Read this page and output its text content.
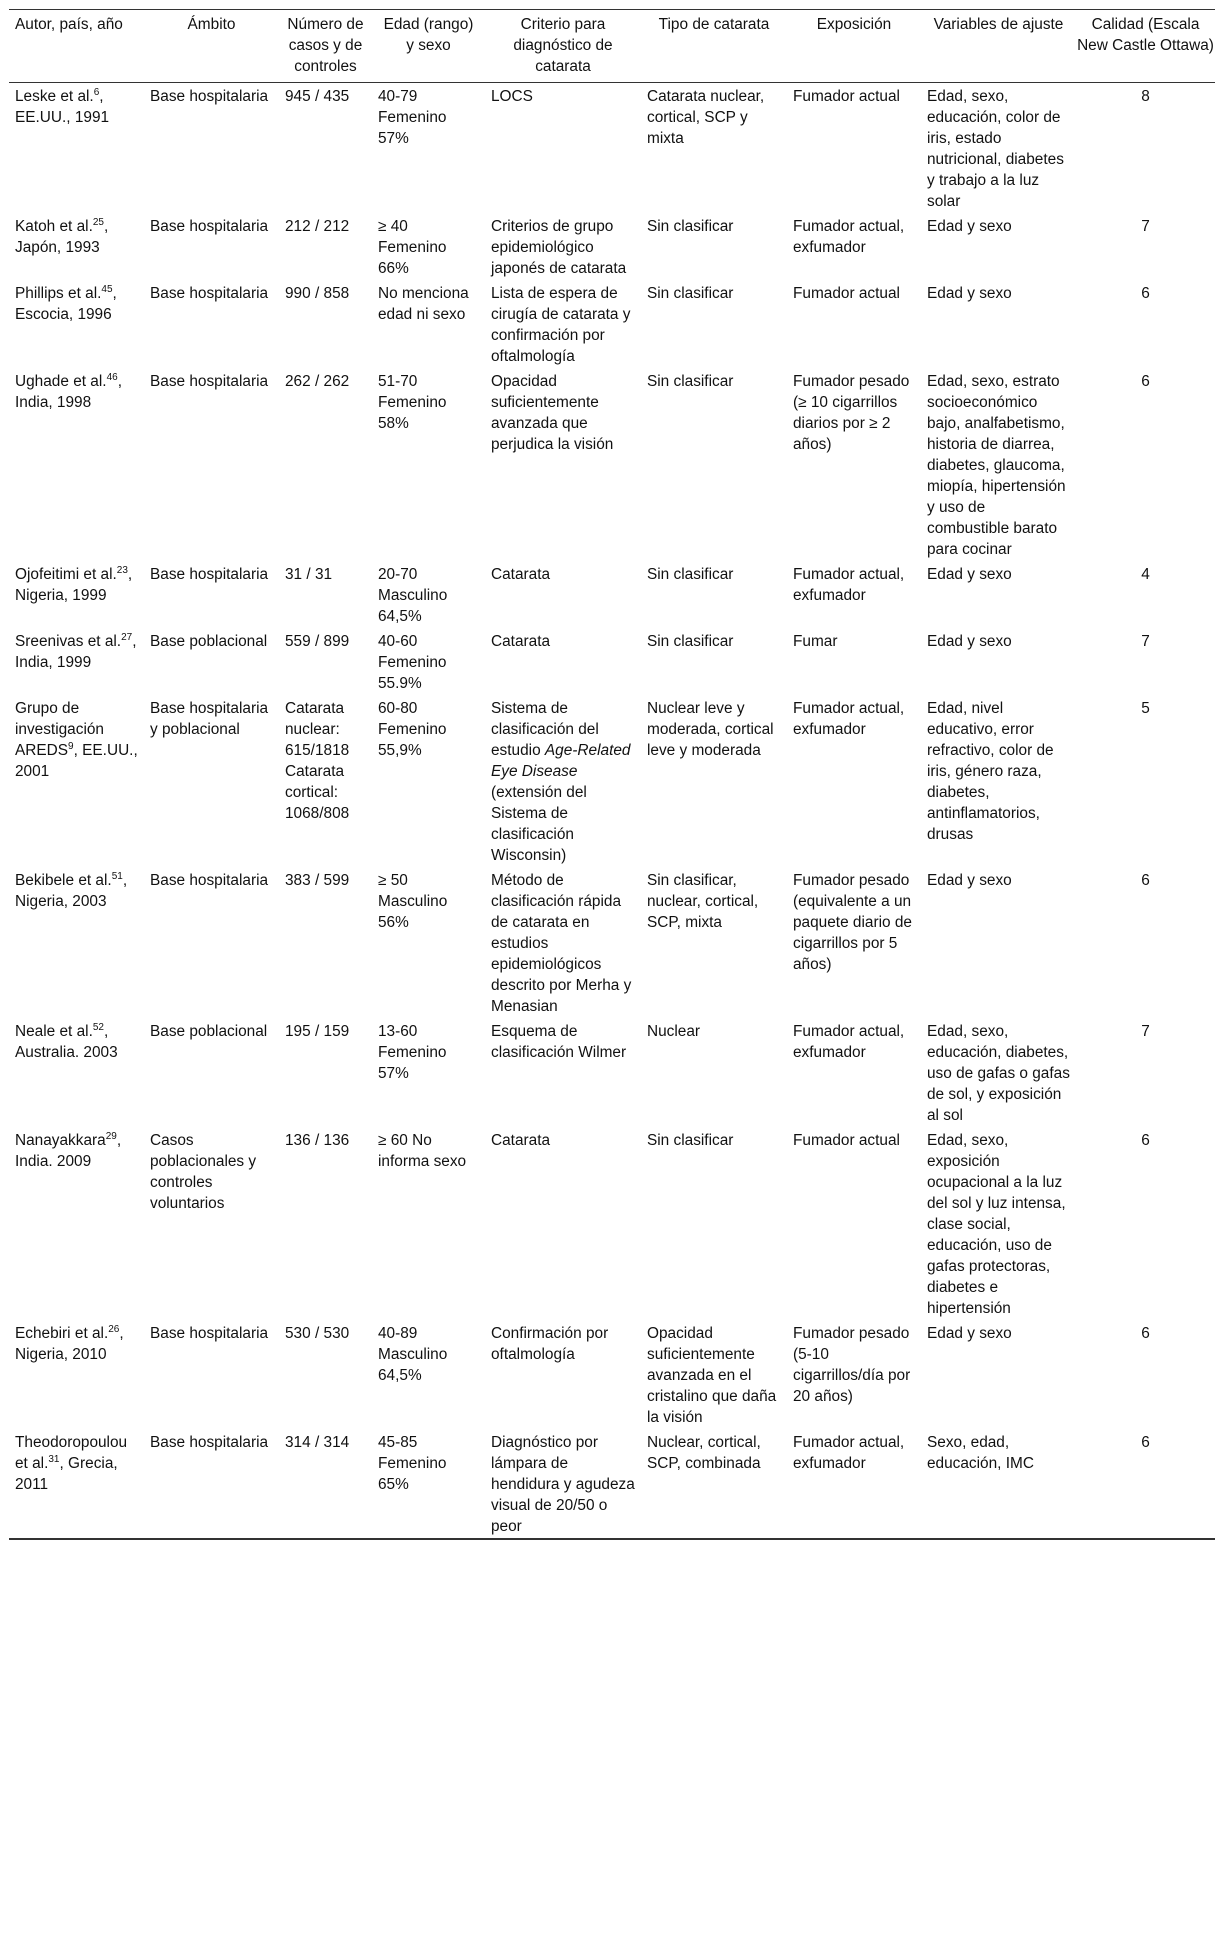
Autor, país, año	Ámbito	Número de casos y de controles	Edad (rango) y sexo	Criterio para diagnóstico de catarata	Tipo de catarata	Exposición	Variables de ajuste	Calidad (Escala New Castle Ottawa)
Leske et al.$^6$, EE.UU., 1991	Base hospitalaria	945 / 435	40-79 Femenino 57%	LOCS	Catarata nuclear, cortical, SCP y mixta	Fumador actual	Edad, sexo, educación, color de iris, estado nutricional, diabetes y trabajo a la luz solar	8
Katoh et al.$^{25}$, Japón, 1993	Base hospitalaria	212 / 212	≥ 40 Femenino 66%	Criterios de grupo epidemiológico japonés de catarata	Sin clasificar	Fumador actual, exfumador	Edad y sexo	7
Phillips et al.$^{45}$, Escocia, 1996	Base hospitalaria	990 / 858	No menciona edad ni sexo	Lista de espera de cirugía de catarata y confirmación por oftalmología	Sin clasificar	Fumador actual	Edad y sexo	6
Ughade et al.$^{46}$, India, 1998	Base hospitalaria	262 / 262	51-70 Femenino 58%	Opacidad suficientemente avanzada que perjudica la visión	Sin clasificar	Fumador pesado (≥ 10 cigarrillos diarios por ≥ 2 años)	Edad, sexo, estrato socioeconómico bajo, analfabetismo, historia de diarrea, diabetes, glaucoma, miopía, hipertensión y uso de combustible barato para cocinar	6
Ojofeitimi et al.$^{23}$, Nigeria, 1999	Base hospitalaria	31 / 31	20-70 Masculino 64,5%	Catarata	Sin clasificar	Fumador actual, exfumador	Edad y sexo	4
Sreenivas et al.$^{27}$, India, 1999	Base poblacional	559 / 899	40-60 Femenino 55.9%	Catarata	Sin clasificar	Fumar	Edad y sexo	7
Grupo de investigación AREDS$^9$, EE.UU., 2001	Base hospitalaria y poblacional	Catarata nuclear: 615/1818 Catarata cortical: 1068/808	60-80 Femenino 55,9%	Sistema de clasificación del estudio Age-Related Eye Disease (extensión del Sistema de clasificación Wisconsin)	Nuclear leve y moderada, cortical leve y moderada	Fumador actual, exfumador	Edad, nivel educativo, error refractivo, color de iris, género raza, diabetes, antinflamatorios, drusas	5
Bekibele et al.$^{51}$, Nigeria, 2003	Base hospitalaria	383 / 599	≥ 50 Masculino 56%	Método de clasificación rápida de catarata en estudios epidemiológicos descrito por Merha y Menasian	Sin clasificar, nuclear, cortical, SCP, mixta	Fumador pesado (equivalente a un paquete diario de cigarrillos por 5 años)	Edad y sexo	6
Neale et al.$^{52}$, Australia. 2003	Base poblacional	195 / 159	13-60 Femenino 57%	Esquema de clasificación Wilmer	Nuclear	Fumador actual, exfumador	Edad, sexo, educación, diabetes, uso de gafas o gafas de sol, y exposición al sol	7
Nanayakkara$^{29}$, India. 2009	Casos poblacionales y controles voluntarios	136 / 136	≥ 60 No informa sexo	Catarata	Sin clasificar	Fumador actual	Edad, sexo, exposición ocupacional a la luz del sol y luz intensa, clase social, educación, uso de gafas protectoras, diabetes e hipertensión	6
Echebiri et al.$^{26}$, Nigeria, 2010	Base hospitalaria	530 / 530	40-89 Masculino 64,5%	Confirmación por oftalmología	Opacidad suficientemente avanzada en el cristalino que daña la visión	Fumador pesado (5-10 cigarrillos/día por 20 años)	Edad y sexo	6
Theodoropoulou et al.$^{31}$, Grecia, 2011	Base hospitalaria	314 / 314	45-85 Femenino 65%	Diagnóstico por lámpara de hendidura y agudeza visual de 20/50 o peor	Nuclear, cortical, SCP, combinada	Fumador actual, exfumador	Sexo, edad, educación, IMC	6
